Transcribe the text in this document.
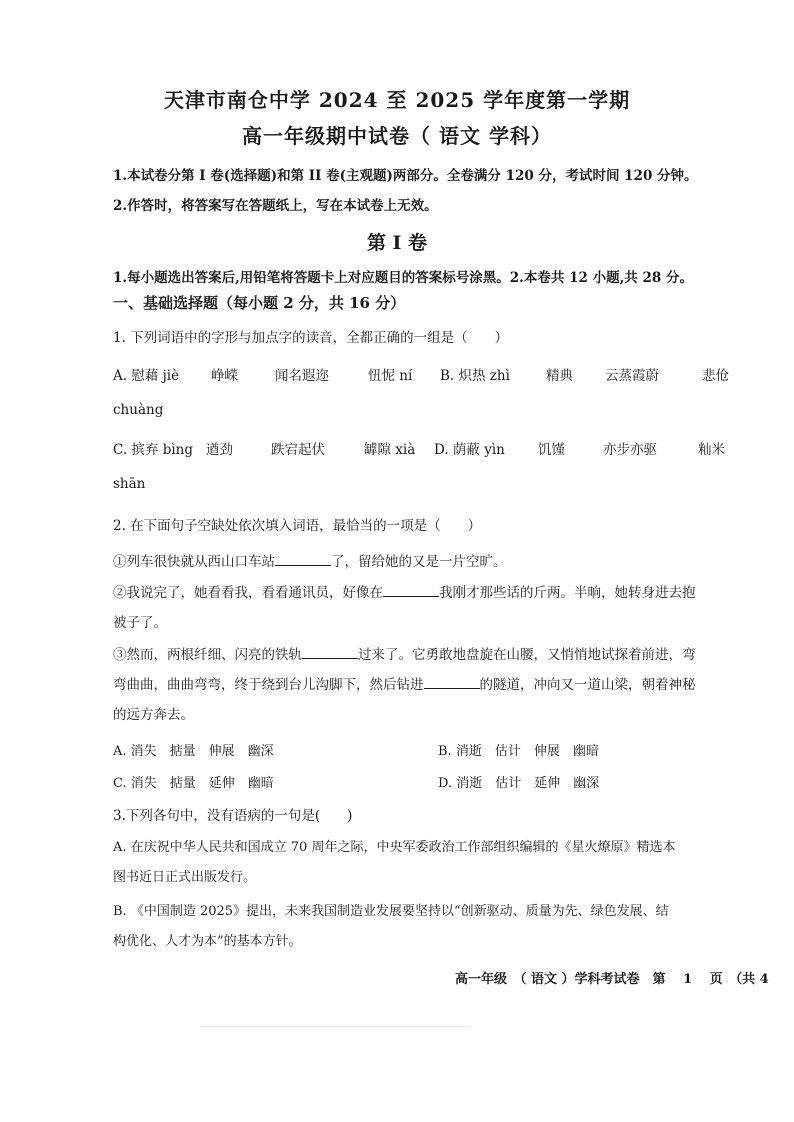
天津市南仓中学 2024 至 2025 学年度第一学期
高一年级期中试卷（ 语文 学科）
1.本试卷分第 I 卷(选择题)和第 II 卷(主观题)两部分。全卷满分 120 分，考试时间 120 分钟。
2.作答时，将答案写在答题纸上，写在本试卷上无效。
第 I 卷
1.每小题选出答案后,用铅笔将答题卡上对应题目的答案标号涂黑。2.本卷共 12 小题,共 28 分。
一、基础选择题（每小题 2 分，共 16 分）
1. 下列词语中的字形与加点字的读音，全都正确的一组是（　　）
A. 慰藉 jiè 峥嵘	闻名遐迩	忸怩 ní B. 炽热 zhì	精典 云蒸霞蔚	悲伧
chuàng
C. 摈弃 bìng 遒劲	跌宕起伏	罅隙 xià D. 荫蔽 yìn 饥馑	亦步亦驱	籼米
shān
2. 在下面句子空缺处依次填入词语，最恰当的一项是（　　）
①列车很快就从西山口车站	了，留给她的又是一片空旷。
②我说完了，她看看我，看看通讯员，好像在	我刚才那些话的斤两。半晌，她转身进去抱
被子了。
③然而，两根纤细、闪亮的铁轨	过来了。它勇敢地盘旋在山腰，又悄悄地试探着前进，弯
弯曲曲，曲曲弯弯，终于绕到台儿沟脚下，然后钻进	的隧道，冲向又一道山梁，朝着神秘
的远方奔去。
A. 消失　掂量　伸展　幽深	B. 消逝　估计　伸展　幽暗
C. 消失　掂量　延伸　幽暗	D. 消逝　估计　延伸　幽深
3.下列各句中，没有语病的一句是(　　)
A. 在庆祝中华人民共和国成立 70 周年之际，中央军委政治工作部组织编辑的《星火燎原》精选本
图书近日正式出版发行。
B. 《中国制造 2025》提出，未来我国制造业发展要坚持以“创新驱动、质量为先、绿色发展、结
构优化、人才为本”的基本方针。
高一年级　（ 语文 ）学科考试卷　第　 1 　页　（共 4
